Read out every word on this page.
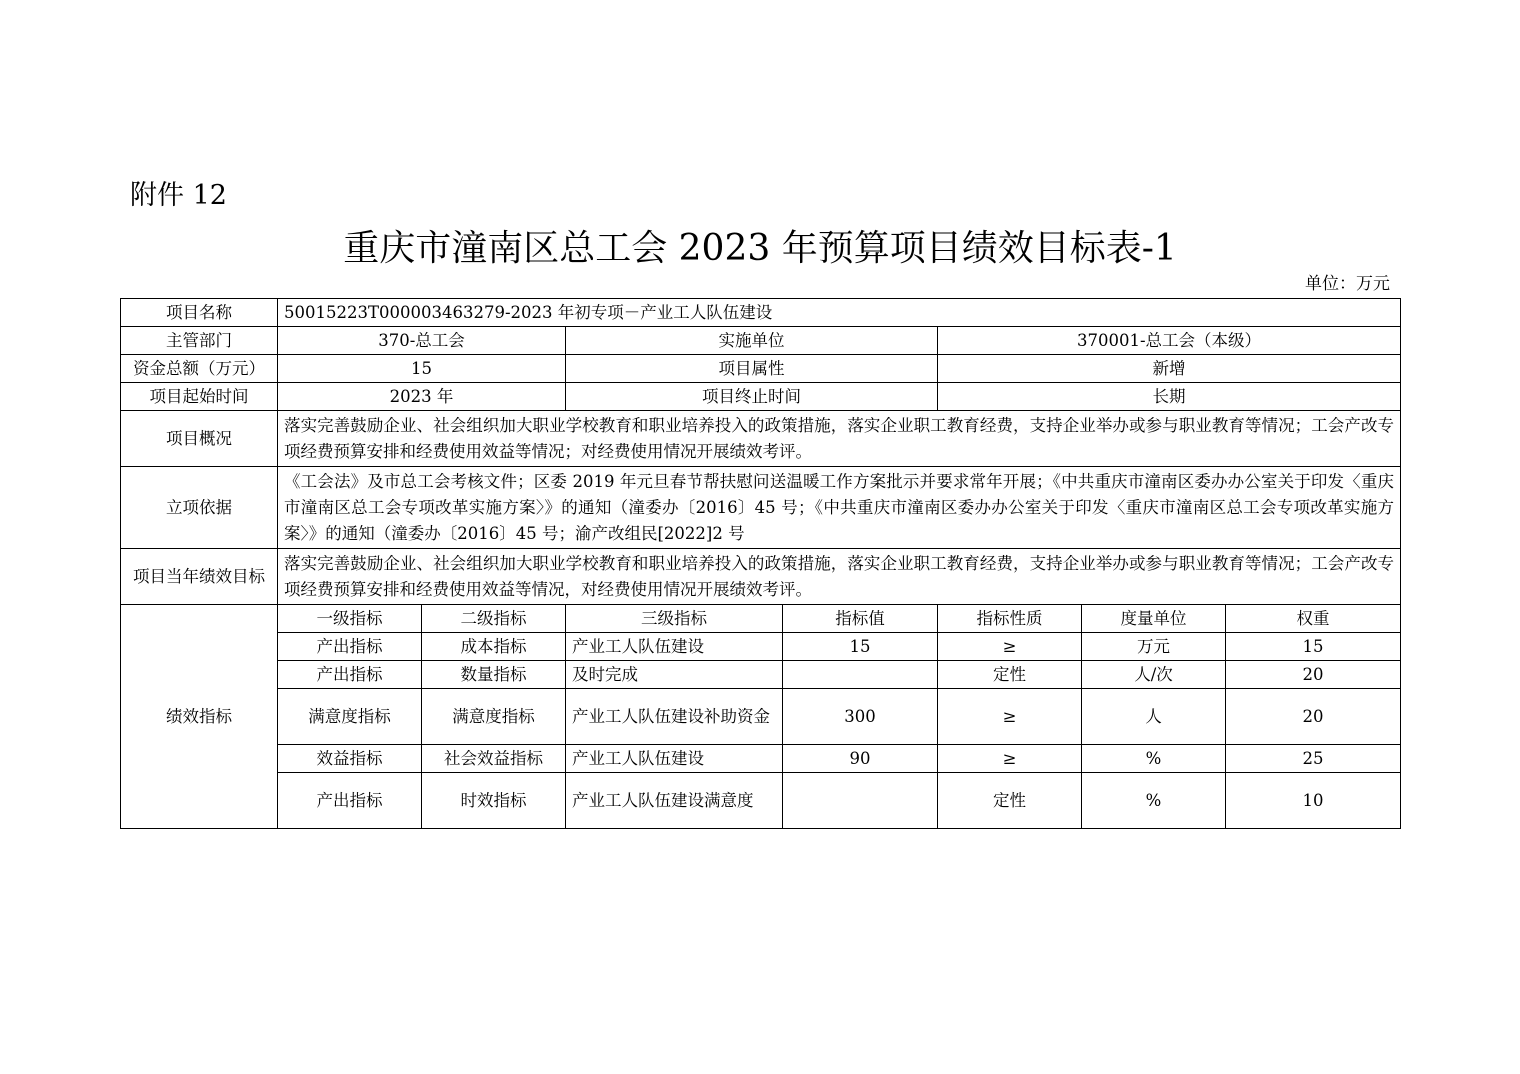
附件 12
重庆市潼南区总工会 2023 年预算项目绩效目标表-1
单位：万元
项目名称	50015223T000003463279-2023 年初专项－产业工人队伍建设						
主管部门	370-总工会		实施单位		370001-总工会（本级）		
资金总额（万元）	15		项目属性		新增		
项目起始时间	2023 年		项目终止时间		长期		
项目概况	落实完善鼓励企业、社会组织加大职业学校教育和职业培养投入的政策措施，落实企业职工教育经费，支持企业举办或参与职业教育等情况；工会产改专项经费预算安排和经费使用效益等情况；对经费使用情况开展绩效考评。						
立项依据	《工会法》及市总工会考核文件；区委 2019 年元旦春节帮扶慰问送温暖工作方案批示并要求常年开展；《中共重庆市潼南区委办办公室关于印发〈重庆市潼南区总工会专项改革实施方案〉》的通知（潼委办〔2016〕45 号；《中共重庆市潼南区委办办公室关于印发〈重庆市潼南区总工会专项改革实施方案〉》的通知（潼委办〔2016〕45 号；渝产改组民[2022]2 号						
项目当年绩效目标	落实完善鼓励企业、社会组织加大职业学校教育和职业培养投入的政策措施，落实企业职工教育经费，支持企业举办或参与职业教育等情况；工会产改专项经费预算安排和经费使用效益等情况，对经费使用情况开展绩效考评。						
绩效指标	一级指标	二级指标	三级指标	指标值	指标性质	度量单位	权重
	产出指标	成本指标	产业工人队伍建设	15	≥	万元	15
	产出指标	数量指标	及时完成		定性	人/次	20
	满意度指标	满意度指标	产业工人队伍建设补助资金	300	≥	人	20
	效益指标	社会效益指标	产业工人队伍建设	90	≥	%	25
	产出指标	时效指标	产业工人队伍建设满意度		定性	%	10
